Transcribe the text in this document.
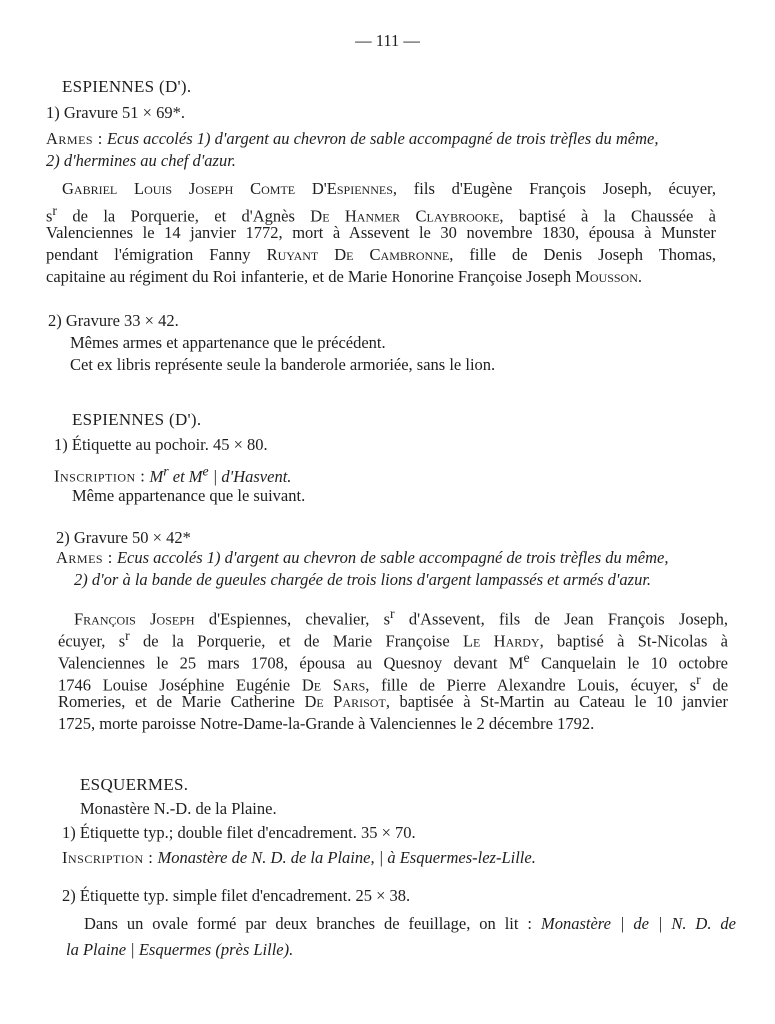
— 111 —
ESPIENNES (D').
1) Gravure 51 × 69*.
Armes : Ecus accolés 1) d'argent au chevron de sable accompagné de trois trèfles du même,
2) d'hermines au chef d'azur.
Gabriel Louis Joseph Comte D'Espiennes, fils d'Eugène François Joseph, écuyer,
$s^r$ de la Porquerie, et d'Agnès De Hanmer Claybrooke, baptisé à la Chaussée à
Valenciennes le 14 janvier 1772, mort à Assevent le 30 novembre 1830, épousa à Munster
pendant l'émigration Fanny Ruyant De Cambronne, fille de Denis Joseph Thomas,
capitaine au régiment du Roi infanterie, et de Marie Honorine Françoise Joseph Mousson.
2) Gravure 33 × 42.
Mêmes armes et appartenance que le précédent.
Cet ex libris représente seule la banderole armoriée, sans le lion.
ESPIENNES (D').
1) Étiquette au pochoir. 45 × 80.
Inscription : $M^r$ et Me | d'Hasvent.
Même appartenance que le suivant.
2) Gravure 50 × 42*
Armes : Ecus accolés 1) d'argent au chevron de sable accompagné de trois trèfles du même,
2) d'or à la bande de gueules chargée de trois lions d'argent lampassés et armés d'azur.
François Joseph d'Espiennes, chevalier, $s^r$ d'Assevent, fils de Jean François Joseph,
écuyer, $s^r$ de la Porquerie, et de Marie Françoise Le Hardy, baptisé à St-Nicolas à
Valenciennes le 25 mars 1708, épousa au Quesnoy devant Me Canquelain le 10 octobre
1746 Louise Joséphine Eugénie De Sars, fille de Pierre Alexandre Louis, écuyer, $s^r$ de
Romeries, et de Marie Catherine De Parisot, baptisée à St-Martin au Cateau le 10 janvier
1725, morte paroisse Notre-Dame-la-Grande à Valenciennes le 2 décembre 1792.
ESQUERMES.
Monastère N.-D. de la Plaine.
1) Étiquette typ.; double filet d'encadrement. 35 × 70.
Inscription : Monastère de N. D. de la Plaine, | à Esquermes-lez-Lille.
2) Étiquette typ. simple filet d'encadrement. 25 × 38.
Dans un ovale formé par deux branches de feuillage, on lit : Monastère | de | N. D. de
la Plaine | Esquermes (près Lille).
